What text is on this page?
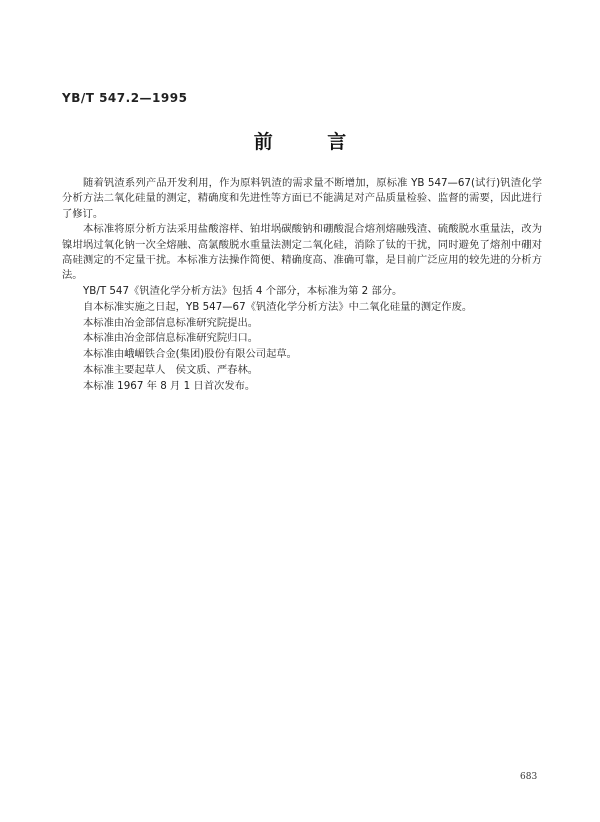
YB/T 547.2—1995
前 言

随着钒渣系列产品开发利用，作为原料钒渣的需求量不断增加，原标准 YB 547—67(试行)钒渣化学分析方法二氧化硅量的测定，精确度和先进性等方面已不能满足对产品质量检验、监督的需要，因此进行了修订。

本标准将原分析方法采用盐酸溶样、铂坩埚碳酸钠和硼酸混合熔剂熔融残渣、硫酸脱水重量法，改为镍坩埚过氧化钠一次全熔融、高氯酸脱水重量法测定二氧化硅，消除了钛的干扰，同时避免了熔剂中硼对高硅测定的不定量干扰。本标准方法操作简便、精确度高、准确可靠，是目前广泛应用的较先进的分析方法。

YB/T 547《钒渣化学分析方法》包括 4 个部分，本标准为第 2 部分。

自本标准实施之日起，YB 547—67《钒渣化学分析方法》中二氧化硅量的测定作废。

本标准由冶金部信息标准研究院提出。

本标准由冶金部信息标准研究院归口。

本标准由峨嵋铁合金(集团)股份有限公司起草。

本标准主要起草人　侯文质、严春林。

本标准 1967 年 8 月 1 日首次发布。

683
